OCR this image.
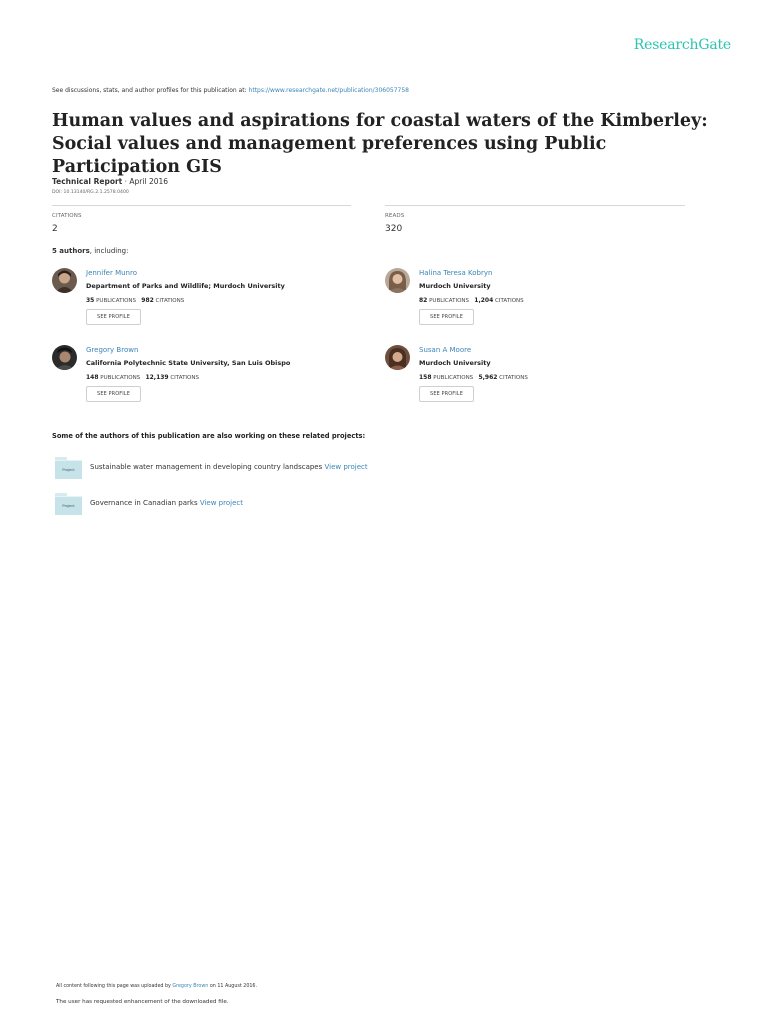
ResearchGate
See discussions, stats, and author profiles for this publication at: https://www.researchgate.net/publication/306057758
Human values and aspirations for coastal waters of the Kimberley: Social values and management preferences using Public Participation GIS
Technical Report · April 2016
DOI: 10.13140/RG.2.1.2578.0400
CITATIONS
2
READS
320
5 authors, including:
Jennifer Munro
Department of Parks and Wildlife; Murdoch University
35 PUBLICATIONS 982 CITATIONS
SEE PROFILE
Halina Teresa Kobryn
Murdoch University
82 PUBLICATIONS 1,204 CITATIONS
SEE PROFILE
Gregory Brown
California Polytechnic State University, San Luis Obispo
148 PUBLICATIONS 12,139 CITATIONS
SEE PROFILE
Susan A Moore
Murdoch University
158 PUBLICATIONS 5,962 CITATIONS
SEE PROFILE
Some of the authors of this publication are also working on these related projects:
Project	Sustainable water management in developing country landscapes View project
Project	Governance in Canadian parks View project
All content following this page was uploaded by Gregory Brown on 11 August 2016.
The user has requested enhancement of the downloaded file.
